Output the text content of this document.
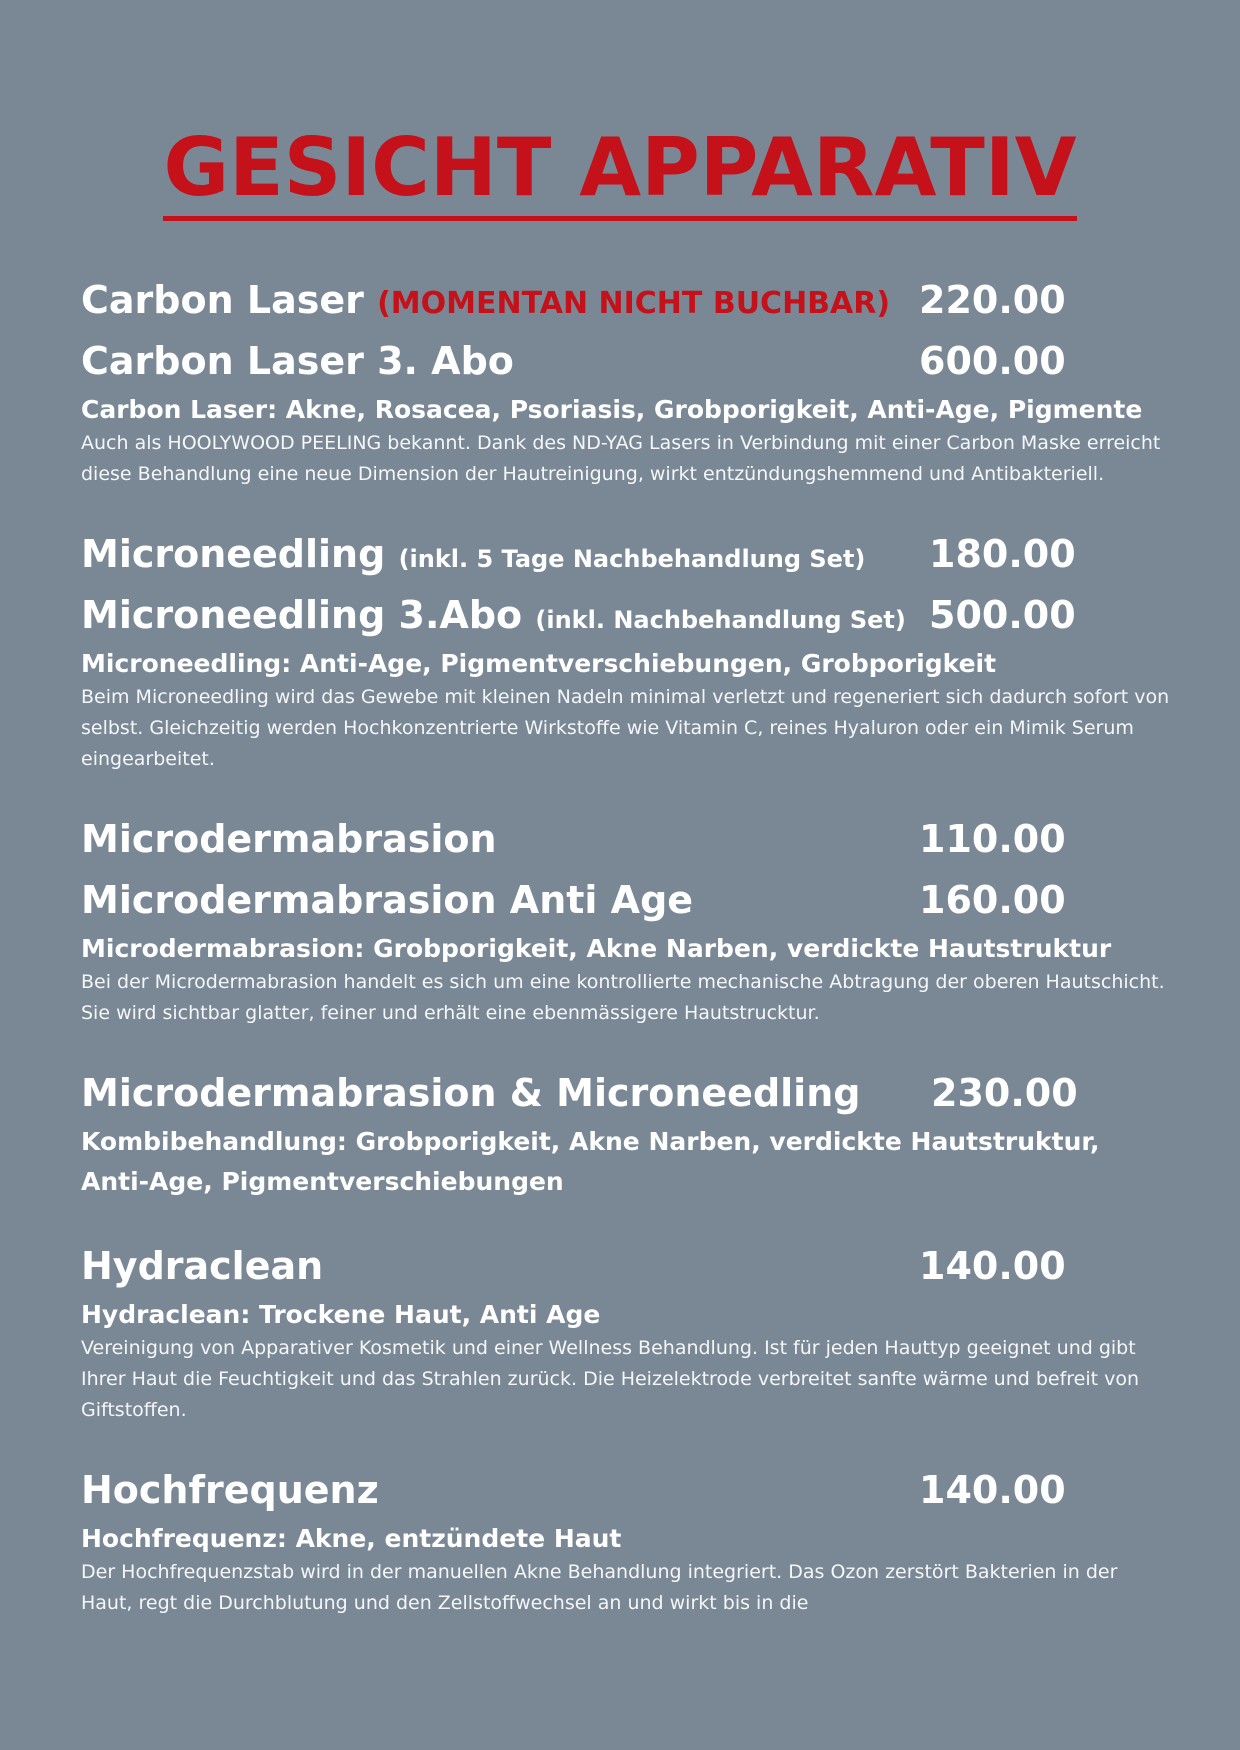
GESICHT APPARATIV
Carbon Laser (MOMENTAN NICHT BUCHBAR) 220.00
Carbon Laser 3. Abo	600.00
Carbon Laser: Akne, Rosacea, Psoriasis, Grobporigkeit, Anti-Age, Pigmente
Auch als HOOLYWOOD PEELING bekannt. Dank des ND-YAG Lasers in Verbindung mit einer Carbon Maske erreicht diese Behandlung eine neue Dimension der Hautreinigung, wirkt entzündungshemmend und Antibakteriell.
Microneedling (inkl. 5 Tage Nachbehandlung Set) 180.00
Microneedling 3.Abo (inkl. Nachbehandlung Set) 500.00
Microneedling: Anti-Age, Pigmentverschiebungen, Grobporigkeit
Beim Microneedling wird das Gewebe mit kleinen Nadeln minimal verletzt und regeneriert sich dadurch sofort von selbst. Gleichzeitig werden Hochkonzentrierte Wirkstoffe wie Vitamin C, reines Hyaluron oder ein Mimik Serum eingearbeitet.
Microdermabrasion	110.00
Microdermabrasion Anti Age	160.00
Microdermabrasion: Grobporigkeit, Akne Narben, verdickte Hautstruktur
Bei der Microdermabrasion handelt es sich um eine kontrollierte mechanische Abtragung der oberen Hautschicht. Sie wird sichtbar glatter, feiner und erhält eine ebenmässigere Hautstrucktur.
Microdermabrasion & Microneedling 230.00
Kombibehandlung: Grobporigkeit, Akne Narben, verdickte Hautstruktur, Anti-Age, Pigmentverschiebungen
Hydraclean	140.00
Hydraclean: Trockene Haut, Anti Age
Vereinigung von Apparativer Kosmetik und einer Wellness Behandlung. Ist für jeden Hauttyp geeignet und gibt Ihrer Haut die Feuchtigkeit und das Strahlen zurück. Die Heizelektrode verbreitet sanfte wärme und befreit von Giftstoffen.
Hochfrequenz	140.00
Hochfrequenz: Akne, entzündete Haut
Der Hochfrequenzstab wird in der manuellen Akne Behandlung integriert. Das Ozon zerstört Bakterien in der Haut, regt die Durchblutung und den Zellstoffwechsel an und wirkt bis in die
